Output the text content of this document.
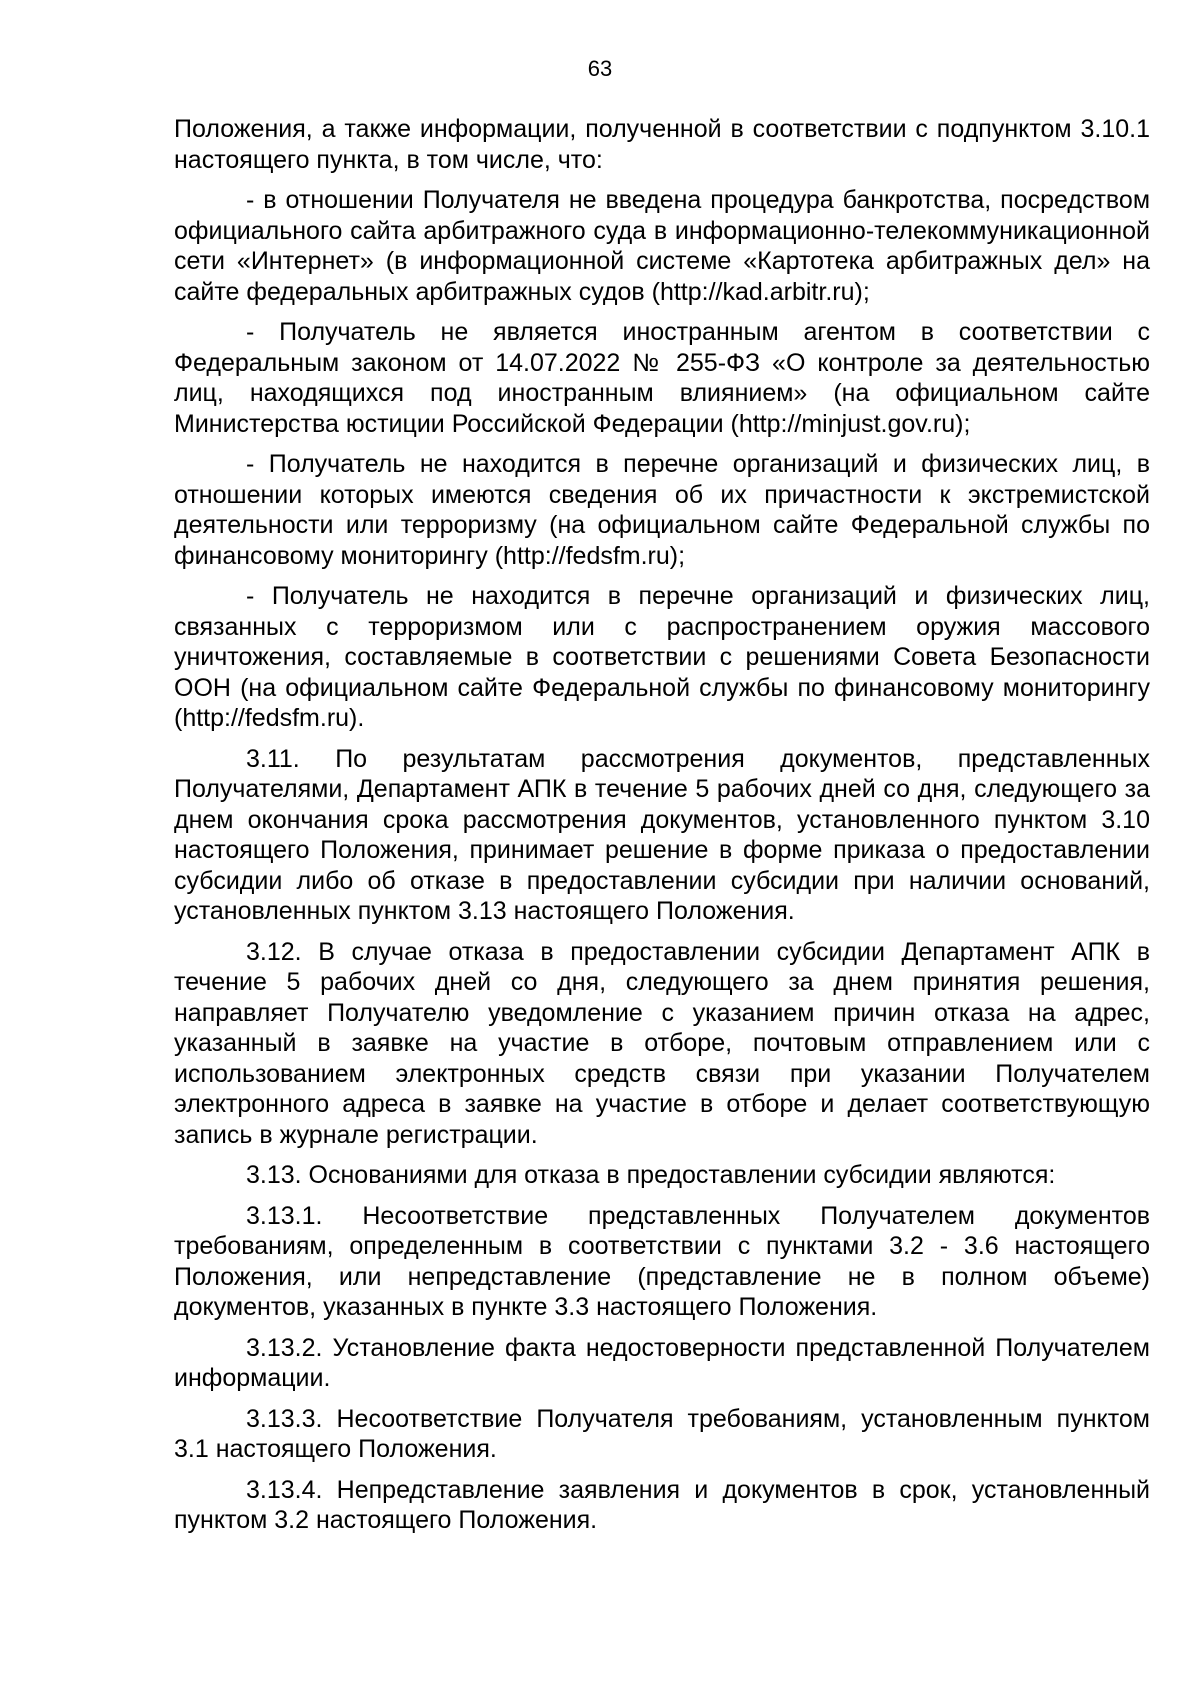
63

Положения, а также информации, полученной в соответствии с подпунктом 3.10.1 настоящего пункта, в том числе, что:

- в отношении Получателя не введена процедура банкротства, посредством официального сайта арбитражного суда в информационно-телекоммуникационной сети «Интернет» (в информационной системе «Картотека арбитражных дел» на сайте федеральных арбитражных судов (http://kad.arbitr.ru);

- Получатель не является иностранным агентом в соответствии с Федеральным законом от 14.07.2022 № 255-ФЗ «О контроле за деятельностью лиц, находящихся под иностранным влиянием» (на официальном сайте Министерства юстиции Российской Федерации (http://minjust.gov.ru);

- Получатель не находится в перечне организаций и физических лиц, в отношении которых имеются сведения об их причастности к экстремистской деятельности или терроризму (на официальном сайте Федеральной службы по финансовому мониторингу (http://fedsfm.ru);

- Получатель не находится в перечне организаций и физических лиц, связанных с терроризмом или с распространением оружия массового уничтожения, составляемые в соответствии с решениями Совета Безопасности ООН (на официальном сайте Федеральной службы по финансовому мониторингу (http://fedsfm.ru).

3.11. По результатам рассмотрения документов, представленных Получателями, Департамент АПК в течение 5 рабочих дней со дня, следующего за днем окончания срока рассмотрения документов, установленного пунктом 3.10 настоящего Положения, принимает решение в форме приказа о предоставлении субсидии либо об отказе в предоставлении субсидии при наличии оснований, установленных пунктом 3.13 настоящего Положения.

3.12. В случае отказа в предоставлении субсидии Департамент АПК в течение 5 рабочих дней со дня, следующего за днем принятия решения, направляет Получателю уведомление с указанием причин отказа на адрес, указанный в заявке на участие в отборе, почтовым отправлением или с использованием электронных средств связи при указании Получателем электронного адреса в заявке на участие в отборе и делает соответствующую запись в журнале регистрации.

3.13. Основаниями для отказа в предоставлении субсидии являются:

3.13.1. Несоответствие представленных Получателем документов требованиям, определенным в соответствии с пунктами 3.2 - 3.6 настоящего Положения, или непредставление (представление не в полном объеме) документов, указанных в пункте 3.3 настоящего Положения.

3.13.2. Установление факта недостоверности представленной Получателем информации.

3.13.3. Несоответствие Получателя требованиям, установленным пунктом 3.1 настоящего Положения.

3.13.4. Непредставление заявления и документов в срок, установленный пунктом 3.2 настоящего Положения.
